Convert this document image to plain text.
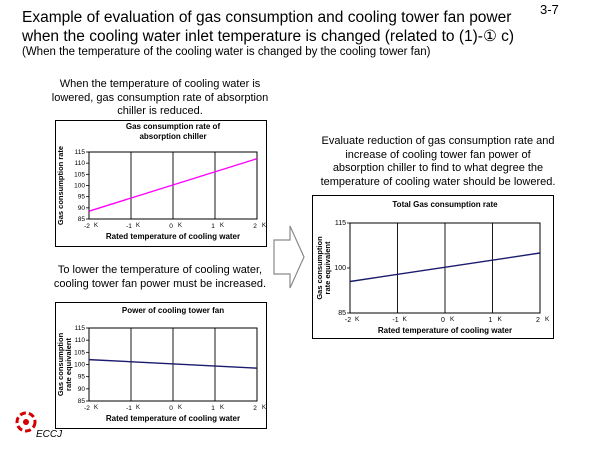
Example of evaluation of gas consumption and cooling tower fan power
when the cooling water inlet temperature is changed (related to (1)-① c)
3-7
(When the temperature of the cooling water is changed by the cooling tower fan)
When the temperature of cooling water is
lowered, gas consumption rate of absorption
chiller is reduced.
To lower the temperature of cooling water,
cooling tower fan power must be increased.
Evaluate reduction of gas consumption rate and
increase of cooling tower fan power of
absorption chiller to find to what degree the
temperature of cooling water should be lowered.
Gas consumption rate of
absorption chiller
85
90
95
100
105
110
115
-2 K	-1 K	0 K	1 K	2 K
Rated temperature of cooling water
Gas consumption rate
Power of cooling tower fan
85
90
95
100
105
110
115
-2 K	-1 K	0 K	1 K	2 K
Rated temperature of cooling water
Gas consumption rate equivalent
Total Gas consumption rate
85
100
115
-2 K	-1 K	0 K	1 K	2 K
Rated temperature of cooling water
Gas consumption rate equivalent
ECCJ
